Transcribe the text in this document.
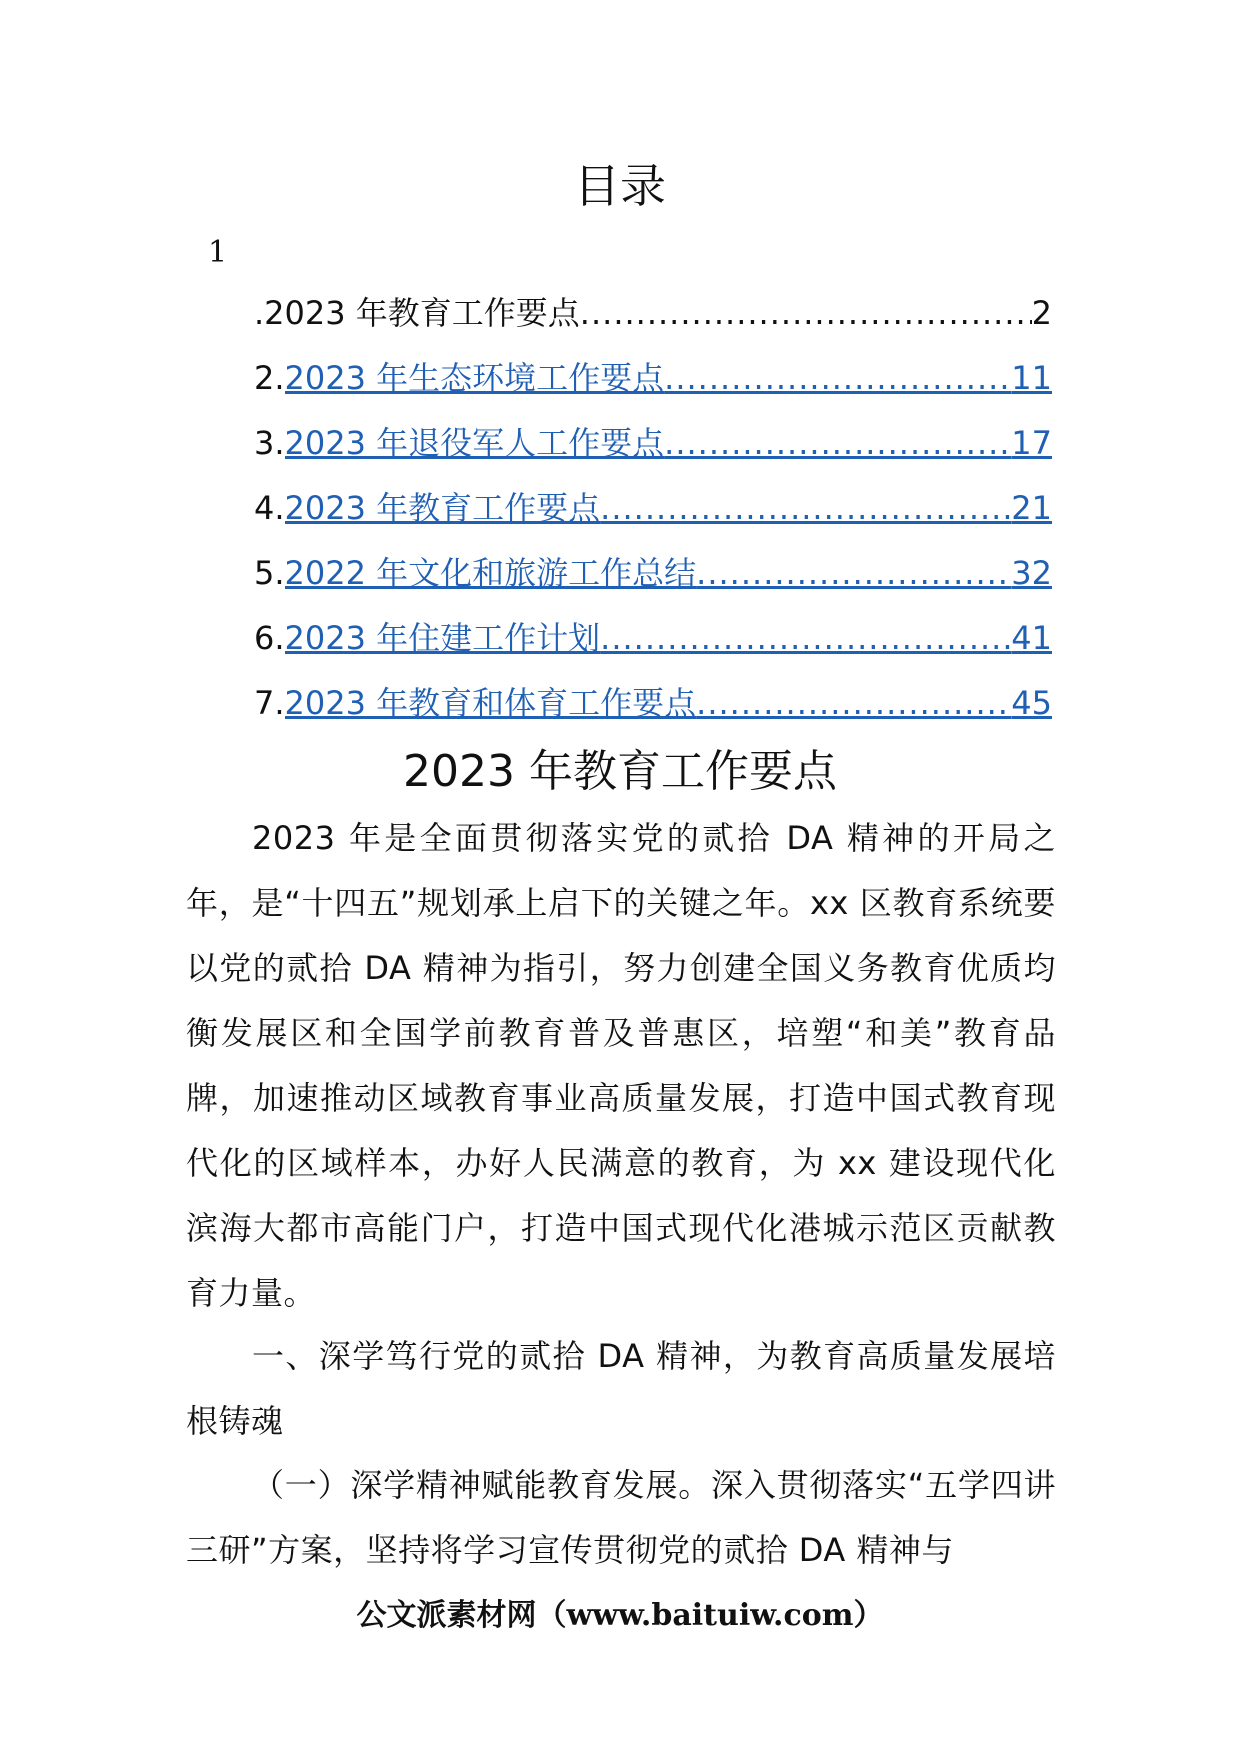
目录
1
.2023 年教育工作要点 .....	2
2. 2023 年生态环境工作要点 .....	11
3. 2023 年退役军人工作要点 .....	17
4. 2023 年教育工作要点 .....	21
5. 2022 年文化和旅游工作总结 .....	32
6. 2023 年住建工作计划 .....	41
7. 2023 年教育和体育工作要点 .....	45
2023 年教育工作要点
2023 年是全面贯彻落实党的贰拾 DA 精神的开局之年，是“十四五”规划承上启下的关键之年。xx 区教育系统要以党的贰拾 DA 精神为指引，努力创建全国义务教育优质均衡发展区和全国学前教育普及普惠区，培塑“和美”教育品牌，加速推动区域教育事业高质量发展，打造中国式教育现代化的区域样本，办好人民满意的教育，为 xx 建设现代化滨海大都市高能门户，打造中国式现代化港城示范区贡献教育力量。
一、深学笃行党的贰拾 DA 精神，为教育高质量发展培根铸魂
（一）深学精神赋能教育发展。深入贯彻落实“五学四讲三研”方案，坚持将学习宣传贯彻党的贰拾 DA 精神与
公文派素材网（www.baituiw.com）
